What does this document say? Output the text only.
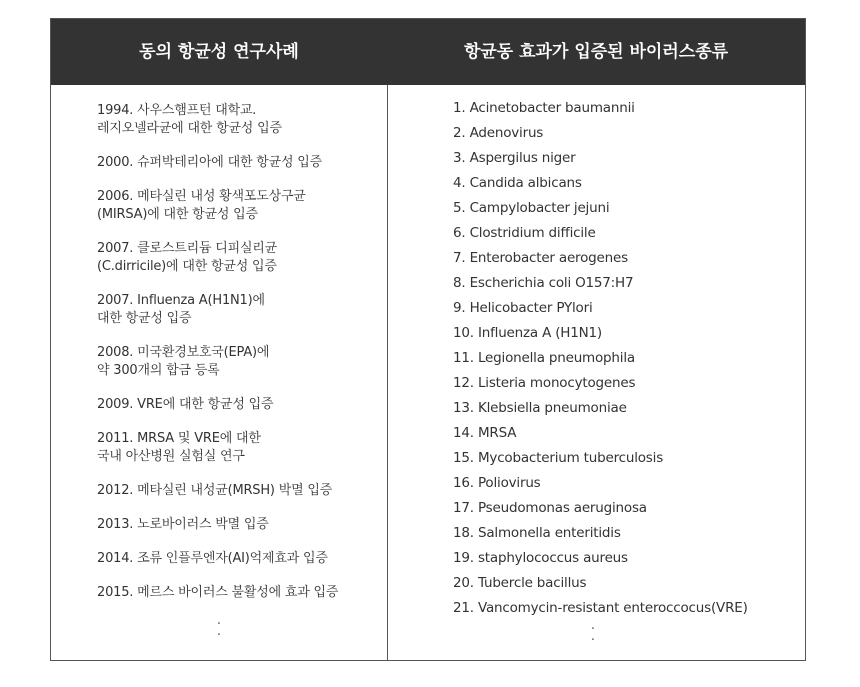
동의 항균성 연구사례	항균동 효과가 입증된 바이러스종류
1994. 사우스햄프턴 대학교.
레지오넬라균에 대한 항균성 입증
2000. 슈퍼박테리아에 대한 항균성 입증
2006. 메타실린 내성 황색포도상구균
(MIRSA)에 대한 항균성 입증
2007. 클로스트리듐 디피실리균
(C.dirricile)에 대한 항균성 입증
2007. Influenza A(H1N1)에
대한 항균성 입증
2008. 미국환경보호국(EPA)에
약 300개의 합금 등록
2009. VRE에 대한 항균성 입증
2011. MRSA 및 VRE에 대한
국내 아산병원 실험실 연구
2012. 메타실린 내성균(MRSH) 박멸 입증
2013. 노로바이러스 박멸 입증
2014. 조류 인플루엔자(AI)억제효과 입증
2015. 메르스 바이러스 불활성에 효과 입증
1. Acinetobacter baumannii
2. Adenovirus
3. Aspergilus niger
4. Candida albicans
5. Campylobacter jejuni
6. Clostridium difficile
7. Enterobacter aerogenes
8. Escherichia coli O157:H7
9. Helicobacter PYlori
10. Influenza A (H1N1)
11. Legionella pneumophila
12. Listeria monocytogenes
13. Klebsiella pneumoniae
14. MRSA
15. Mycobacterium tuberculosis
16. Poliovirus
17. Pseudomonas aeruginosa
18. Salmonella enteritidis
19. staphylococcus aureus
20. Tubercle bacillus
21. Vancomycin-resistant enteroccocus(VRE)
·
·	·
·
